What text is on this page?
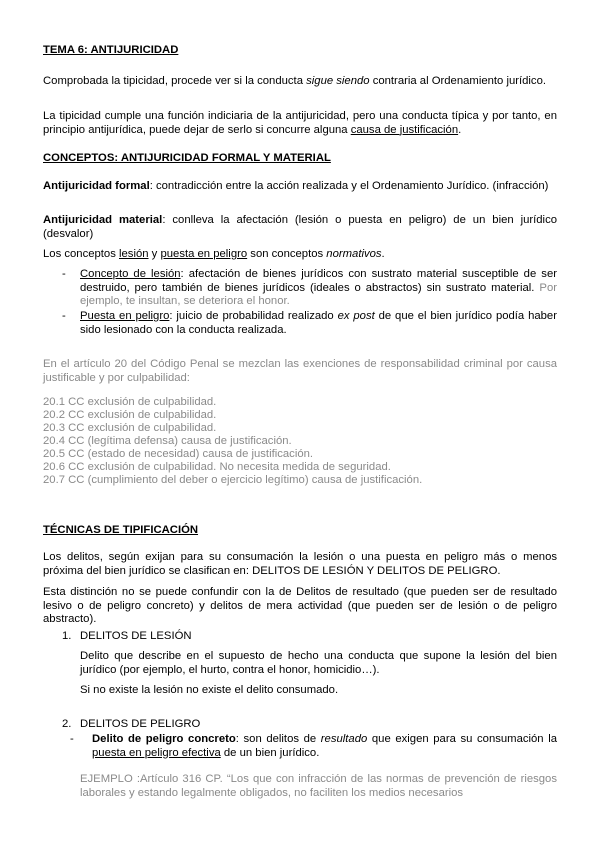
TEMA 6: ANTIJURICIDAD
Comprobada la tipicidad, procede ver si la conducta sigue siendo contraria al Ordenamiento jurídico.
La tipicidad cumple una función indiciaria de la antijuricidad, pero una conducta típica y por tanto, en principio antijurídica, puede dejar de serlo si concurre alguna causa de justificación.
CONCEPTOS: ANTIJURICIDAD FORMAL Y MATERIAL
Antijuricidad formal: contradicción entre la acción realizada y el Ordenamiento Jurídico. (infracción)
Antijuricidad material: conlleva la afectación (lesión o puesta en peligro) de un bien jurídico (desvalor)
Los conceptos lesión y puesta en peligro son conceptos normativos.
- Concepto de lesión: afectación de bienes jurídicos con sustrato material susceptible de ser destruido, pero también de bienes jurídicos (ideales o abstractos) sin sustrato material. Por ejemplo, te insultan, se deteriora el honor.
- Puesta en peligro: juicio de probabilidad realizado ex post de que el bien jurídico podía haber sido lesionado con la conducta realizada.
En el artículo 20 del Código Penal se mezclan las exenciones de responsabilidad criminal por causa justificable y por culpabilidad:
20.1 CC exclusión de culpabilidad.
20.2 CC exclusión de culpabilidad.
20.3 CC exclusión de culpabilidad.
20.4 CC (legítima defensa) causa de justificación.
20.5 CC (estado de necesidad) causa de justificación.
20.6 CC exclusión de culpabilidad. No necesita medida de seguridad.
20.7 CC (cumplimiento del deber o ejercicio legítimo) causa de justificación.
TÉCNICAS DE TIPIFICACIÓN
Los delitos, según exijan para su consumación la lesión o una puesta en peligro más o menos próxima del bien jurídico se clasifican en: DELITOS DE LESIÓN Y DELITOS DE PELIGRO.
Esta distinción no se puede confundir con la de Delitos de resultado (que pueden ser de resultado lesivo o de peligro concreto) y delitos de mera actividad (que pueden ser de lesión o de peligro abstracto).
1. DELITOS DE LESIÓN
Delito que describe en el supuesto de hecho una conducta que supone la lesión del bien jurídico (por ejemplo, el hurto, contra el honor, homicidio…).
Si no existe la lesión no existe el delito consumado.
2. DELITOS DE PELIGRO
- Delito de peligro concreto: son delitos de resultado que exigen para su consumación la puesta en peligro efectiva de un bien jurídico.
EJEMPLO :Artículo 316 CP. “Los que con infracción de las normas de prevención de riesgos laborales y estando legalmente obligados, no faciliten los medios necesarios
